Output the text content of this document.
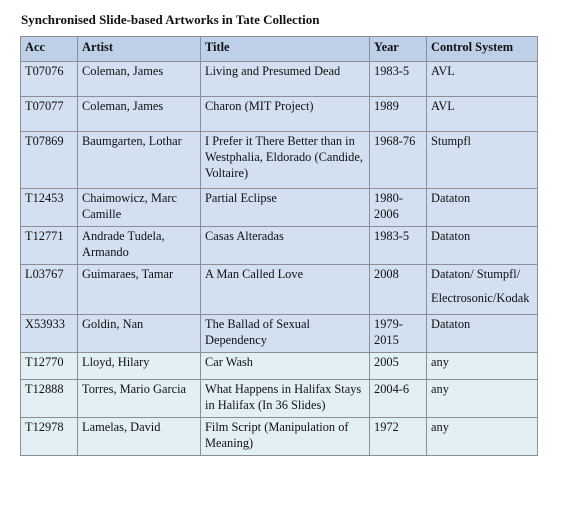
Synchronised Slide-based Artworks in Tate Collection
Acc	Artist	Title	Year	Control System
T07076	Coleman, James	Living and Presumed Dead	1983-5	AVL
T07077	Coleman, James	Charon (MIT Project)	1989	AVL
T07869	Baumgarten, Lothar	I Prefer it There Better than in Westphalia, Eldorado (Candide, Voltaire)	1968-76	Stumpfl
T12453	Chaimowicz, Marc Camille	Partial Eclipse	1980-2006	Dataton
T12771	Andrade Tudela, Armando	Casas Alteradas	1983-5	Dataton
L03767	Guimaraes, Tamar	A Man Called Love	2008	Dataton/ Stumpfl/
Electrosonic/Kodak

X53933	Goldin, Nan	The Ballad of Sexual Dependency	1979-2015	Dataton
T12770	Lloyd, Hilary	Car Wash	2005	any
T12888	Torres, Mario Garcia	What Happens in Halifax Stays in Halifax (In 36 Slides)	2004-6	any
T12978	Lamelas, David	Film Script (Manipulation of Meaning)	1972	any
